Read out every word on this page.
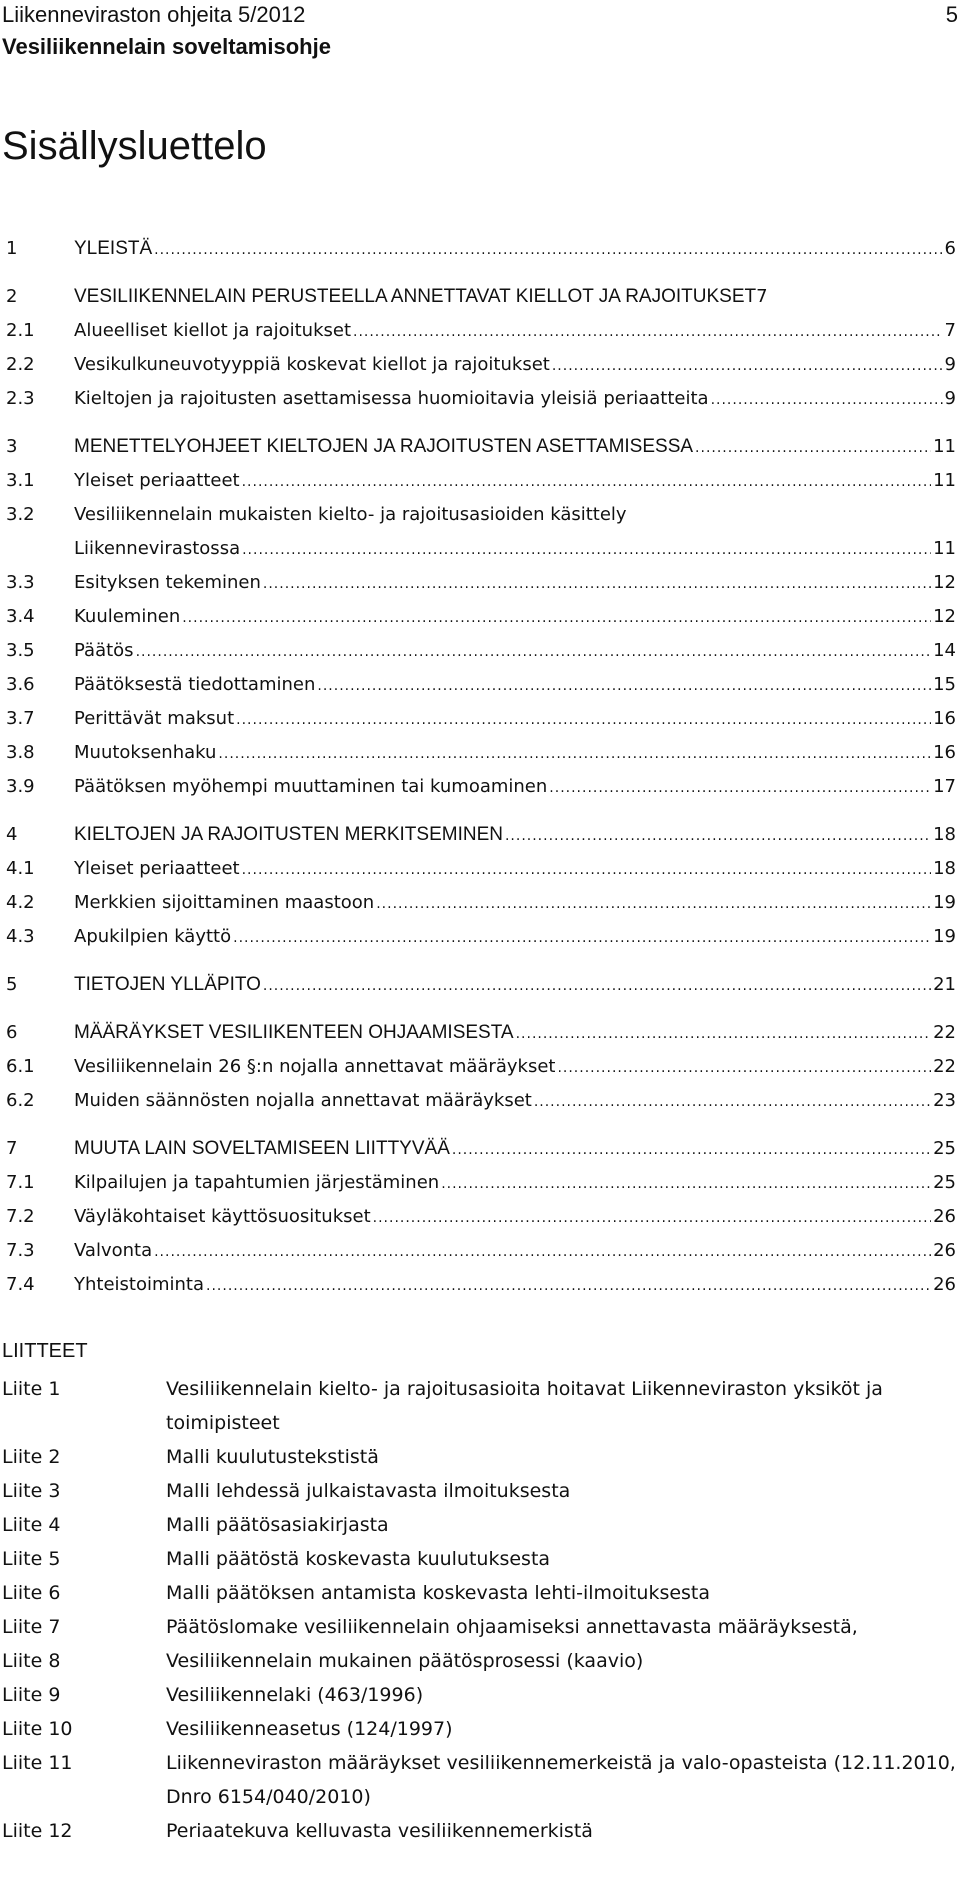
Liikenneviraston ohjeita 5/2012
Vesiliikennelain soveltamisohje
5
Sisällysluettelo
1	YLEISTÄ .....	6
2	VESILIIKENNELAIN PERUSTEELLA ANNETTAVAT KIELLOT JA RAJOITUKSET 7
2.1	Alueelliset kiellot ja rajoitukset .....	7
2.2	Vesikulkuneuvotyyppiä koskevat kiellot ja rajoitukset .....	9
2.3	Kieltojen ja rajoitusten asettamisessa huomioitavia yleisiä periaatteita .....	9
3	MENETTELYOHJEET KIELTOJEN JA RAJOITUSTEN ASETTAMISESSA .....	11
3.1	Yleiset periaatteet .....	11
3.2	Vesiliikennelain mukaisten kielto- ja rajoitusasioiden käsittely
Liikennevirastossa .....	11
3.3	Esityksen tekeminen .....	12
3.4	Kuuleminen .....	12
3.5	Päätös .....	14
3.6	Päätöksestä tiedottaminen .....	15
3.7	Perittävät maksut .....	16
3.8	Muutoksenhaku .....	16
3.9	Päätöksen myöhempi muuttaminen tai kumoaminen .....	17
4	KIELTOJEN JA RAJOITUSTEN MERKITSEMINEN .....	18
4.1	Yleiset periaatteet .....	18
4.2	Merkkien sijoittaminen maastoon .....	19
4.3	Apukilpien käyttö .....	19
5	TIETOJEN YLLÄPITO .....	21
6	MÄÄRÄYKSET VESILIIKENTEEN OHJAAMISESTA .....	22
6.1	Vesiliikennelain 26 §:n nojalla annettavat määräykset .....	22
6.2	Muiden säännösten nojalla annettavat määräykset .....	23
7	MUUTA LAIN SOVELTAMISEEN LIITTYVÄÄ .....	25
7.1	Kilpailujen ja tapahtumien järjestäminen .....	25
7.2	Väyläkohtaiset käyttösuositukset .....	26
7.3	Valvonta .....	26
7.4	Yhteistoiminta .....	26
LIITTEET
Liite 1	Vesiliikennelain kielto- ja rajoitusasioita hoitavat Liikenneviraston yksiköt ja toimipisteet
Liite 2	Malli kuulutustekstistä
Liite 3	Malli lehdessä julkaistavasta ilmoituksesta
Liite 4	Malli päätösasiakirjasta
Liite 5	Malli päätöstä koskevasta kuulutuksesta
Liite 6	Malli päätöksen antamista koskevasta lehti-ilmoituksesta
Liite 7	Päätöslomake vesiliikennelain ohjaamiseksi annettavasta määräyksestä,
Liite 8	Vesiliikennelain mukainen päätösprosessi (kaavio)
Liite 9	Vesiliikennelaki (463/1996)
Liite 10	Vesiliikenneasetus (124/1997)
Liite 11	Liikenneviraston määräykset vesiliikennemerkeistä ja valo-opasteista (12.11.2010, Dnro 6154/040/2010)
Liite 12	Periaatekuva kelluvasta vesiliikennemerkistä
